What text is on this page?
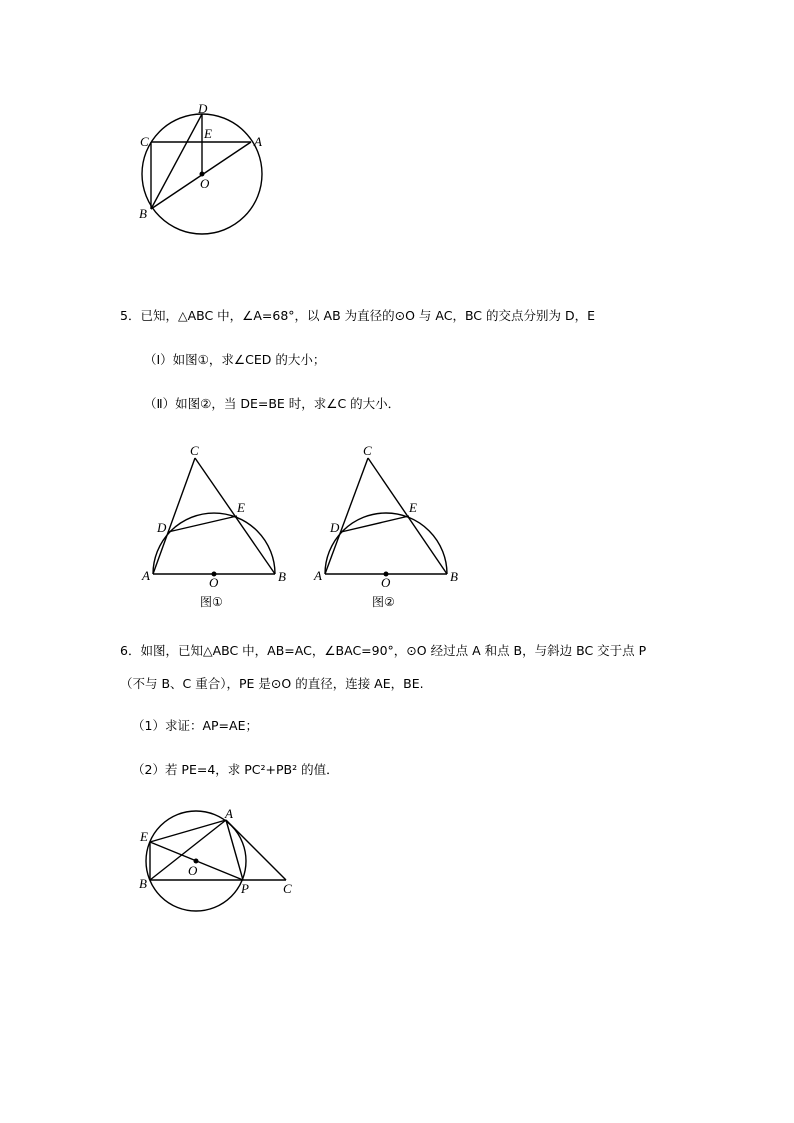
D
E
C	A
O
B
5．已知，△ABC 中，∠A=68°，以 AB 为直径的⊙O 与 AC，BC 的交点分别为 D，E
（Ⅰ）如图①，求∠CED 的大小；
（Ⅱ）如图②，当 DE=BE 时，求∠C 的大小．
C
D
E
A	O	B
图①
C
D
E
A	O	B
图②
6．如图，已知△ABC 中，AB=AC，∠BAC=90°，⊙O 经过点 A 和点 B，与斜边 BC 交于点 P
（不与 B、C 重合），PE 是⊙O 的直径，连接 AE，BE.
（1）求证：AP=AE；
（2）若 PE=4，求 PC²+PB² 的值．
A
E
O
B	P	C
